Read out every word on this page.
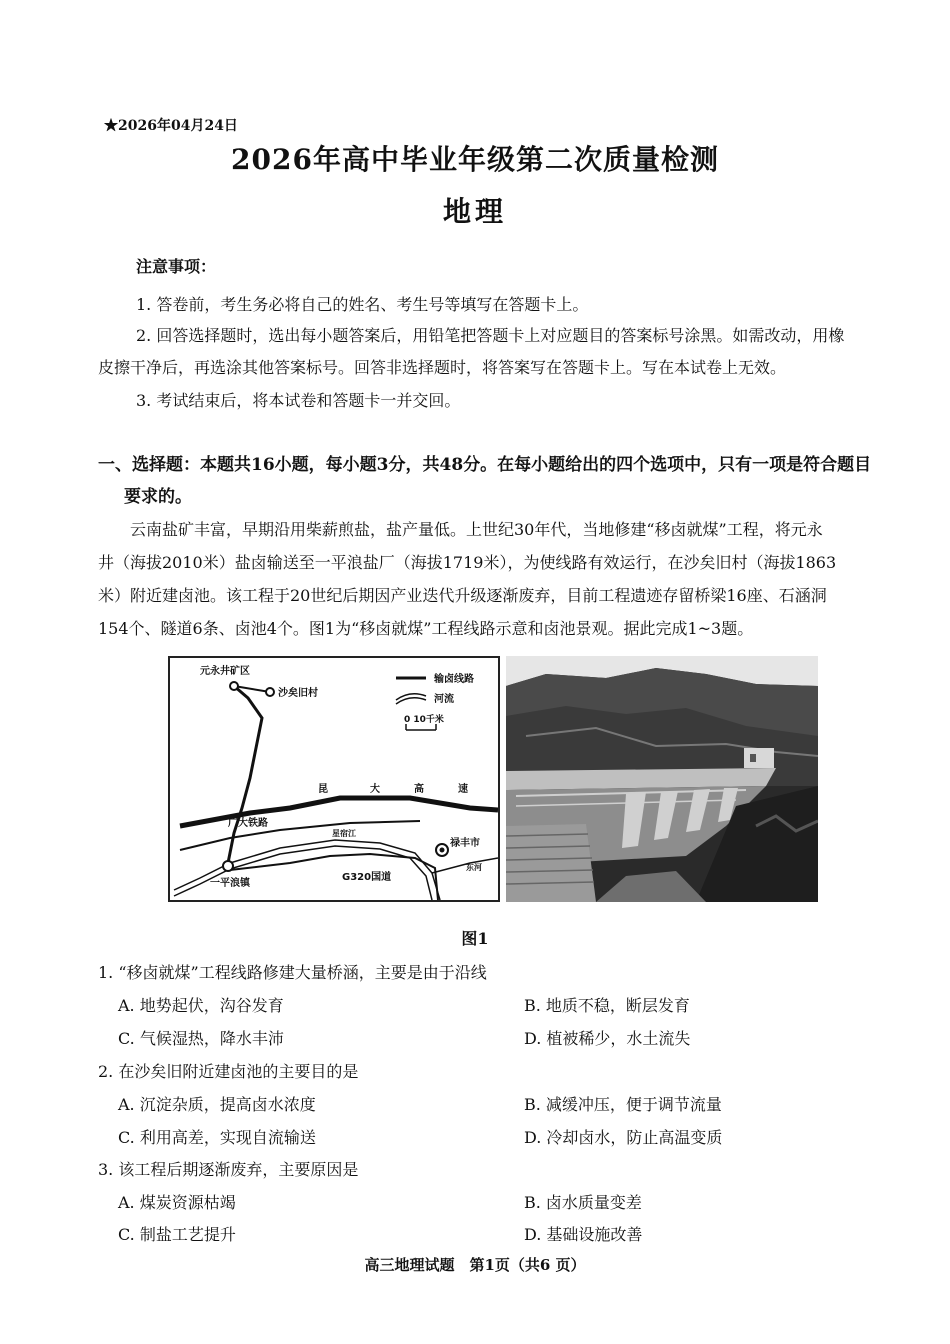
★2026年04月24日
2026年高中毕业年级第二次质量检测
地理
注意事项：
1. 答卷前，考生务必将自己的姓名、考生号等填写在答题卡上。
2. 回答选择题时，选出每小题答案后，用铅笔把答题卡上对应题目的答案标号涂黑。如需改动，用橡
皮擦干净后，再选涂其他答案标号。回答非选择题时，将答案写在答题卡上。写在本试卷上无效。
3. 考试结束后，将本试卷和答题卡一并交回。
一、选择题：本题共16小题，每小题3分，共48分。在每小题给出的四个选项中，只有一项是符合题目
要求的。
云南盐矿丰富，早期沿用柴薪煎盐，盐产量低。上世纪30年代，当地修建“移卤就煤”工程，将元永
井（海拔2010米）盐卤输送至一平浪盐厂（海拔1719米），为使线路有效运行，在沙矣旧村（海拔1863
米）附近建卤池。该工程于20世纪后期因产业迭代升级逐渐废弃，目前工程遗迹存留桥梁16座、石涵洞
154个、隧道6条、卤池4个。图1为“移卤就煤”工程线路示意和卤池景观。据此完成1~3题。
元永井矿区
沙矣旧村
昆	大	高	速
广大铁路
星宿江
禄丰市
东河
一平浪镇
G320国道
输卤线路
河流
0 10千米
图1
1. “移卤就煤”工程线路修建大量桥涵，主要是由于沿线
A. 地势起伏，沟谷发育	B. 地质不稳，断层发育
C. 气候湿热，降水丰沛	D. 植被稀少，水土流失
2. 在沙矣旧附近建卤池的主要目的是
A. 沉淀杂质，提高卤水浓度	B. 减缓冲压，便于调节流量
C. 利用高差，实现自流输送	D. 冷却卤水，防止高温变质
3. 该工程后期逐渐废弃，主要原因是
A. 煤炭资源枯竭	B. 卤水质量变差
C. 制盐工艺提升	D. 基础设施改善
高三地理试题　第1页（共6 页）
